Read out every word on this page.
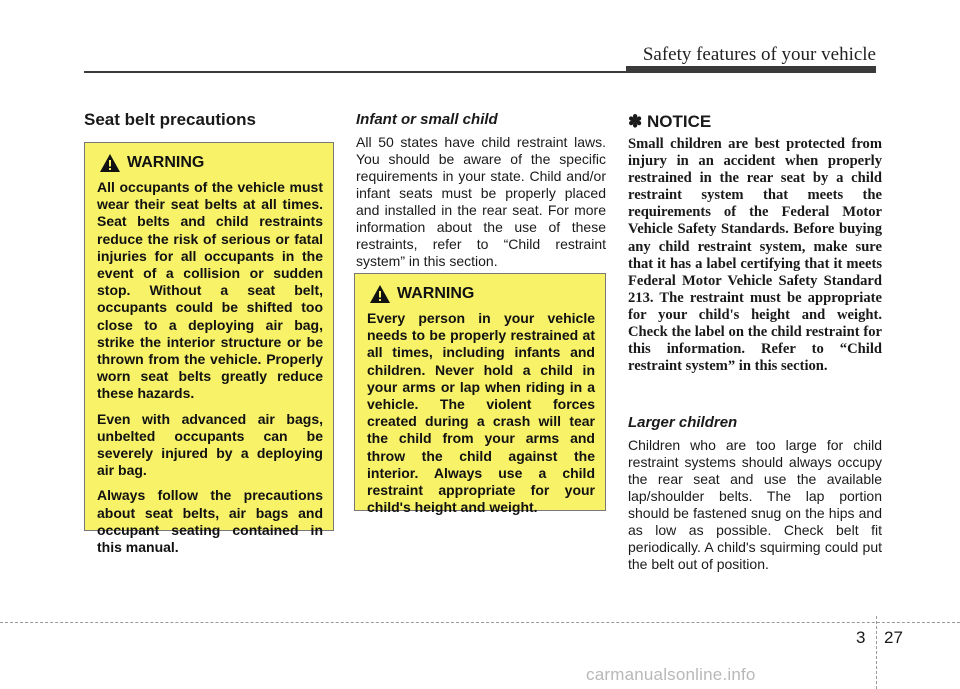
Safety features of your vehicle
Seat belt precautions
WARNING

All occupants of the vehicle must wear their seat belts at all times. Seat belts and child restraints reduce the risk of serious or fatal injuries for all occupants in the event of a collision or sudden stop. Without a seat belt, occupants could be shifted too close to a deploying air bag, strike the interior structure or be thrown from the vehicle. Properly worn seat belts greatly reduce these hazards.

Even with advanced air bags, unbelted occupants can be severely injured by a deploying air bag.

Always follow the precautions about seat belts, air bags and occupant seating contained in this manual.

Infant or small child

All 50 states have child restraint laws. You should be aware of the specific requirements in your state. Child and/or infant seats must be properly placed and installed in the rear seat. For more information about the use of these restraints, refer to “Child restraint system” in this section.

WARNING

Every person in your vehicle needs to be properly restrained at all times, including infants and children. Never hold a child in your arms or lap when riding in a vehicle. The violent forces created during a crash will tear the child from your arms and throw the child against the interior. Always use a child restraint appropriate for your child's height and weight.

✽ NOTICE

Small children are best protected from injury in an accident when properly restrained in the rear seat by a child restraint system that meets the requirements of the Federal Motor Vehicle Safety Standards. Before buying any child restraint system, make sure that it has a label certifying that it meets Federal Motor Vehicle Safety Standard 213. The restraint must be appropriate for your child's height and weight. Check the label on the child restraint for this information. Refer to “Child restraint system” in this section.

Larger children

Children who are too large for child restraint systems should always occupy the rear seat and use the available lap/shoulder belts. The lap portion should be fastened snug on the hips and as low as possible. Check belt fit periodically. A child's squirming could put the belt out of position.

3 27
carmanualsonline.info
